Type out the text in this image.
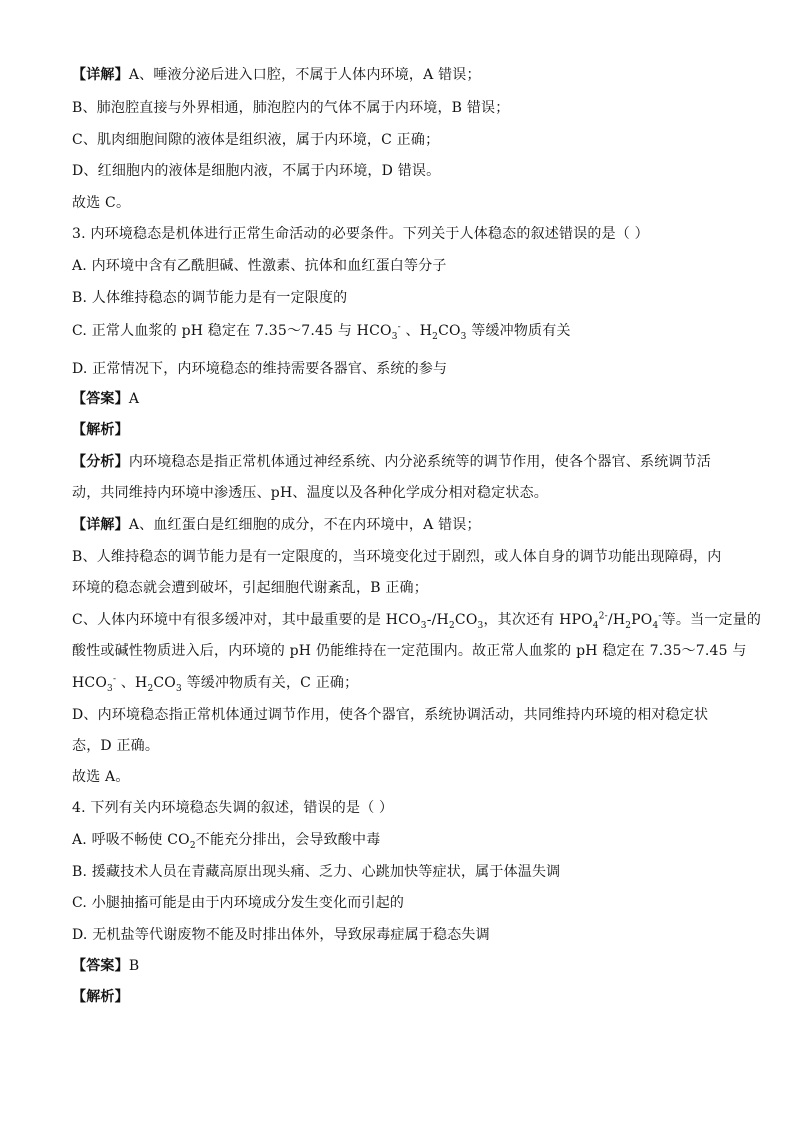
【详解】A、唾液分泌后进入口腔，不属于人体内环境，A 错误；
B、肺泡腔直接与外界相通，肺泡腔内的气体不属于内环境，B 错误；
C、肌肉细胞间隙的液体是组织液，属于内环境，C 正确；
D、红细胞内的液体是细胞内液，不属于内环境，D 错误。
故选 C。
3. 内环境稳态是机体进行正常生命活动的必要条件。下列关于人体稳态的叙述错误的是（ ）
A. 内环境中含有乙酰胆碱、性激素、抗体和血红蛋白等分子
B. 人体维持稳态的调节能力是有一定限度的
C. 正常人血浆的 pH 稳定在 7.35～7.45 与 $HCO_3^-$ 、$H_2CO_3$ 等缓冲物质有关
D. 正常情况下，内环境稳态的维持需要各器官、系统的参与
【答案】A
【解析】
【分析】内环境稳态是指正常机体通过神经系统、内分泌系统等的调节作用，使各个器官、系统调节活
动，共同维持内环境中渗透压、pH、温度以及各种化学成分相对稳定状态。
【详解】A、血红蛋白是红细胞的成分，不在内环境中，A 错误；
B、人维持稳态的调节能力是有一定限度的，当环境变化过于剧烈，或人体自身的调节功能出现障碍，内
环境的稳态就会遭到破坏，引起细胞代谢紊乱，B 正确；
C、人体内环境中有很多缓冲对，其中最重要的是 $HCO_3-/H_2CO_3$，其次还有 $HPO_4^{2-}/H_2PO_4^-$等。当一定量的
酸性或碱性物质进入后，内环境的 pH 仍能维持在一定范围内。故正常人血浆的 pH 稳定在 7.35～7.45 与
$HCO_3^-$ 、$H_2CO_3$ 等缓冲物质有关，C 正确；
D、内环境稳态指正常机体通过调节作用，使各个器官，系统协调活动，共同维持内环境的相对稳定状
态，D 正确。
故选 A。
4. 下列有关内环境稳态失调的叙述，错误的是（ ）
A. 呼吸不畅使 $CO_2$不能充分排出，会导致酸中毒
B. 援藏技术人员在青藏高原出现头痛、乏力、心跳加快等症状，属于体温失调
C. 小腿抽搐可能是由于内环境成分发生变化而引起的
D. 无机盐等代谢废物不能及时排出体外，导致尿毒症属于稳态失调
【答案】B
【解析】
